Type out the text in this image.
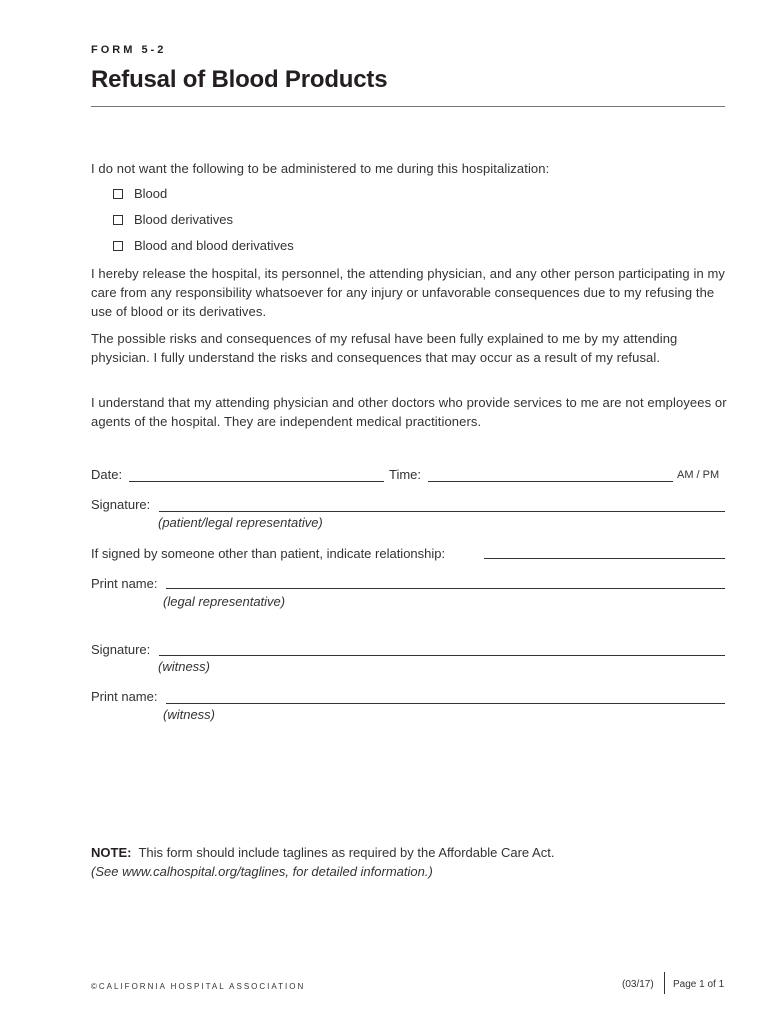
FORM 5-2
Refusal of Blood Products
I do not want the following to be administered to me during this hospitalization:
Blood
Blood derivatives
Blood and blood derivatives
I hereby release the hospital, its personnel, the attending physician, and any other person participating in my care from any responsibility whatsoever for any injury or unfavorable consequences due to my refusing the use of blood or its derivatives.
The possible risks and consequences of my refusal have been fully explained to me by my attending physician. I fully understand the risks and consequences that may occur as a result of my refusal.
I understand that my attending physician and other doctors who provide services to me are not employees or agents of the hospital. They are independent medical practitioners.
Date:	Time:	AM / PM
Signature:
(patient/legal representative)
If signed by someone other than patient, indicate relationship:
Print name:
(legal representative)
Signature:
(witness)
Print name:
(witness)
NOTE: This form should include taglines as required by the Affordable Care Act.
(See www.calhospital.org/taglines, for detailed information.)
©CALIFORNIA HOSPITAL ASSOCIATION	(03/17) Page 1 of 1
